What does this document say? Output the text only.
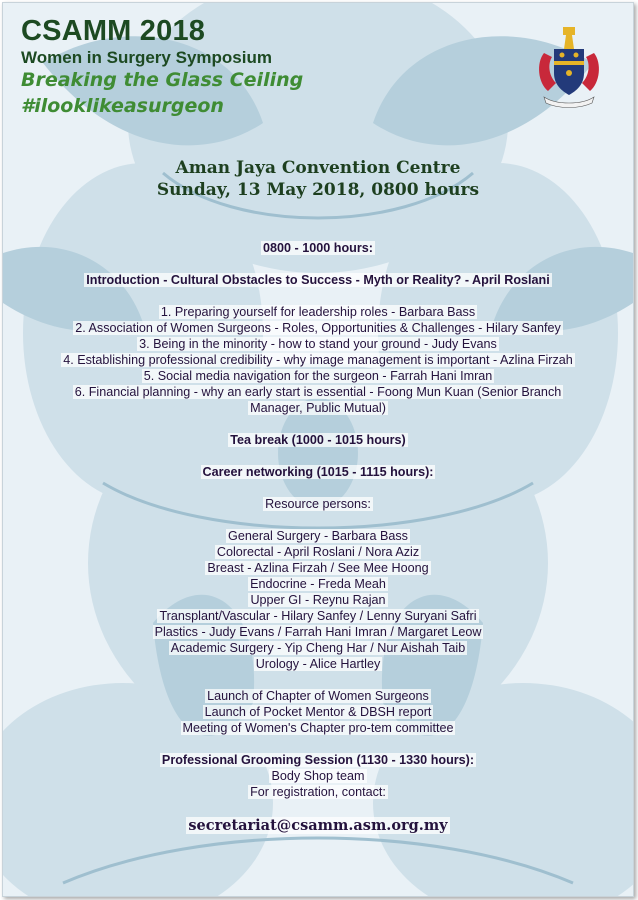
CSAMM 2018
Women in Surgery Symposium
Breaking the Glass Ceiling
#ilooklikeasurgeon
Aman Jaya Convention Centre
Sunday, 13 May 2018, 0800 hours
0800 - 1000 hours:
Introduction - Cultural Obstacles to Success - Myth or Reality? - April Roslani
1. Preparing yourself for leadership roles - Barbara Bass
2. Association of Women Surgeons - Roles, Opportunities & Challenges - Hilary Sanfey
3. Being in the minority - how to stand your ground - Judy Evans
4. Establishing professional credibility - why image management is important - Azlina Firzah
5. Social media navigation for the surgeon - Farrah Hani Imran
6. Financial planning - why an early start is essential - Foong Mun Kuan (Senior Branch
Manager, Public Mutual)
Tea break (1000 - 1015 hours)
Career networking (1015 - 1115 hours):
Resource persons:
General Surgery - Barbara Bass
Colorectal - April Roslani / Nora Aziz
Breast - Azlina Firzah / See Mee Hoong
Endocrine - Freda Meah
Upper GI - Reynu Rajan
Transplant/Vascular - Hilary Sanfey / Lenny Suryani Safri
Plastics - Judy Evans / Farrah Hani Imran / Margaret Leow
Academic Surgery - Yip Cheng Har / Nur Aishah Taib
Urology - Alice Hartley
Launch of Chapter of Women Surgeons
Launch of Pocket Mentor & DBSH report
Meeting of Women's Chapter pro-tem committee
Professional Grooming Session (1130 - 1330 hours):
Body Shop team
For registration, contact:
secretariat@csamm.asm.org.my
